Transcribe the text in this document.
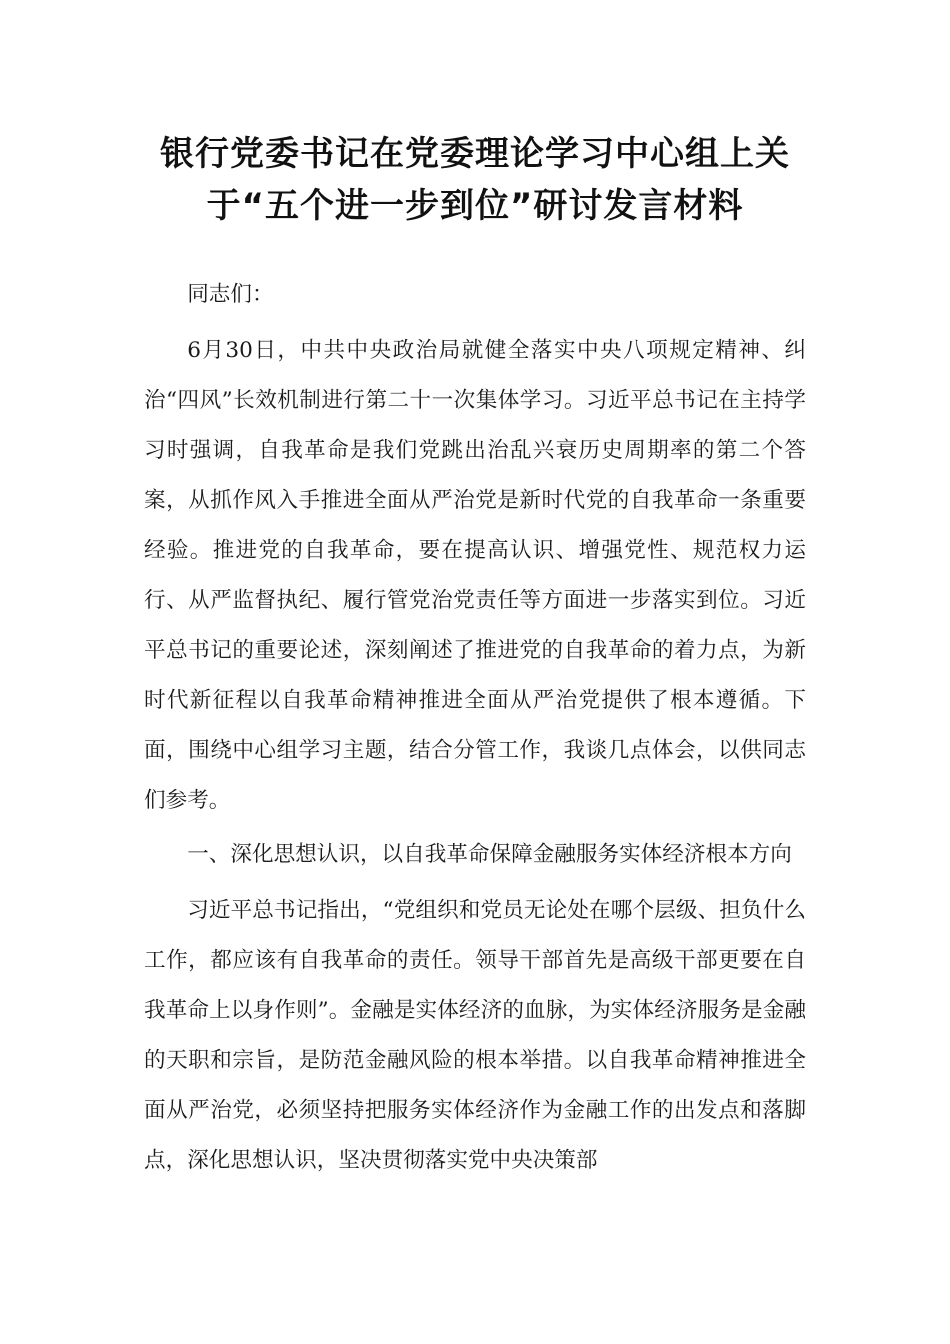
银行党委书记在党委理论学习中心组上关于“五个进一步到位”研讨发言材料

同志们：

6月30日，中共中央政治局就健全落实中央八项规定精神、纠治“四风”长效机制进行第二十一次集体学习。习近平总书记在主持学习时强调，自我革命是我们党跳出治乱兴衰历史周期率的第二个答案，从抓作风入手推进全面从严治党是新时代党的自我革命一条重要经验。推进党的自我革命，要在提高认识、增强党性、规范权力运行、从严监督执纪、履行管党治党责任等方面进一步落实到位。习近平总书记的重要论述，深刻阐述了推进党的自我革命的着力点，为新时代新征程以自我革命精神推进全面从严治党提供了根本遵循。下面，围绕中心组学习主题，结合分管工作，我谈几点体会，以供同志们参考。

一、深化思想认识，以自我革命保障金融服务实体经济根本方向

习近平总书记指出，“党组织和党员无论处在哪个层级、担负什么工作，都应该有自我革命的责任。领导干部首先是高级干部更要在自我革命上以身作则”。金融是实体经济的血脉，为实体经济服务是金融的天职和宗旨，是防范金融风险的根本举措。以自我革命精神推进全面从严治党，必须坚持把服务实体经济作为金融工作的出发点和落脚点，深化思想认识，坚决贯彻落实党中央决策部
